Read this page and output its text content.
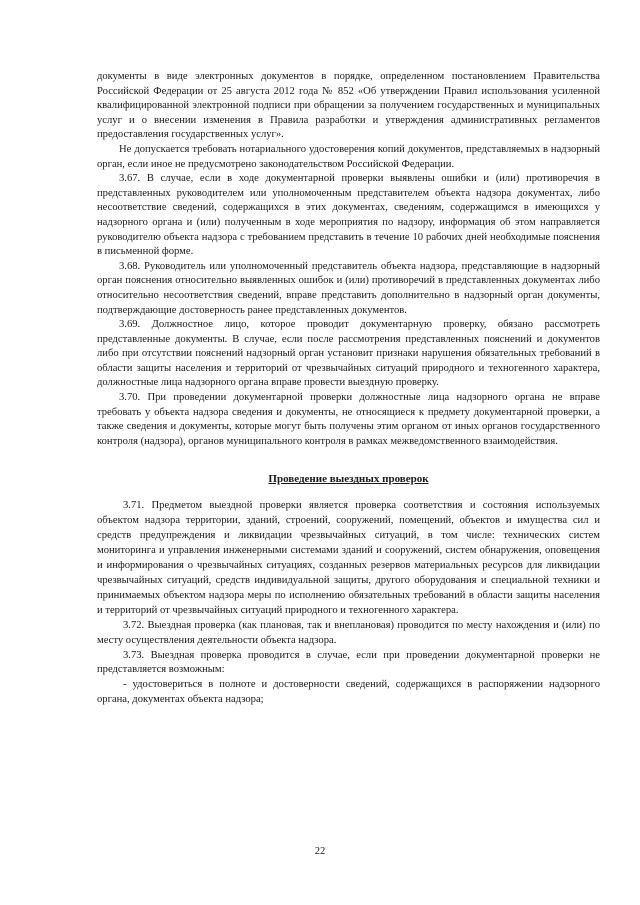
документы в виде электронных документов в порядке, определенном постановлением Правительства Российской Федерации от 25 августа 2012 года № 852 «Об утверждении Правил использования усиленной квалифицированной электронной подписи при обращении за получением государственных и муниципальных услуг и о внесении изменения в Правила разработки и утверждения административных регламентов предоставления государственных услуг».

Не допускается требовать нотариального удостоверения копий документов, представляемых в надзорный орган, если иное не предусмотрено законодательством Российской Федерации.

3.67. В случае, если в ходе документарной проверки выявлены ошибки и (или) противоречия в представленных руководителем или уполномоченным представителем объекта надзора документах, либо несоответствие сведений, содержащихся в этих документах, сведениям, содержащимся в имеющихся у надзорного органа и (или) полученным в ходе мероприятия по надзору, информация об этом направляется руководителю объекта надзора с требованием представить в течение 10 рабочих дней необходимые пояснения в письменной форме.

3.68. Руководитель или уполномоченный представитель объекта надзора, представляющие в надзорный орган пояснения относительно выявленных ошибок и (или) противоречий в представленных документах либо относительно несоответствия сведений, вправе представить дополнительно в надзорный орган документы, подтверждающие достоверность ранее представленных документов.

3.69. Должностное лицо, которое проводит документарную проверку, обязано рассмотреть представленные документы. В случае, если после рассмотрения представленных пояснений и документов либо при отсутствии пояснений надзорный орган установит признаки нарушения обязательных требований в области защиты населения и территорий от чрезвычайных ситуаций природного и техногенного характера, должностные лица надзорного органа вправе провести выездную проверку.

3.70. При проведении документарной проверки должностные лица надзорного органа не вправе требовать у объекта надзора сведения и документы, не относящиеся к предмету документарной проверки, а также сведения и документы, которые могут быть получены этим органом от иных органов государственного контроля (надзора), органов муниципального контроля в рамках межведомственного взаимодействия.

Проведение выездных проверок

3.71. Предметом выездной проверки является проверка соответствия и состояния используемых объектом надзора территории, зданий, строений, сооружений, помещений, объектов и имущества сил и средств предупреждения и ликвидации чрезвычайных ситуаций, в том числе: технических систем мониторинга и управления инженерными системами зданий и сооружений, систем обнаружения, оповещения и информирования о чрезвычайных ситуациях, созданных резервов материальных ресурсов для ликвидации чрезвычайных ситуаций, средств индивидуальной защиты, другого оборудования и специальной техники и принимаемых объектом надзора меры по исполнению обязательных требований в области защиты населения и территорий от чрезвычайных ситуаций природного и техногенного характера.

3.72. Выездная проверка (как плановая, так и внеплановая) проводится по месту нахождения и (или) по месту осуществления деятельности объекта надзора.

3.73. Выездная проверка проводится в случае, если при проведении документарной проверки не представляется возможным:

- удостовериться в полноте и достоверности сведений, содержащихся в распоряжении надзорного органа, документах объекта надзора;

22
